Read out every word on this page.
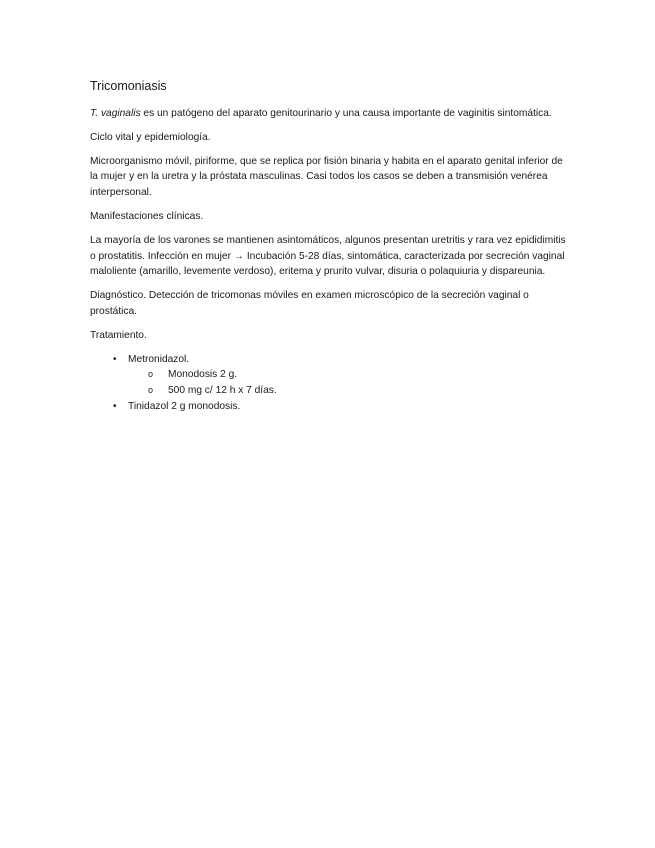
Tricomoniasis

T. vaginalis es un patógeno del aparato genitourinario y una causa importante de vaginitis sintomática.

Ciclo vital y epidemiología.

Microorganismo móvil, piriforme, que se replica por fisión binaria y habita en el aparato genital inferior de la mujer y en la uretra y la próstata masculinas. Casi todos los casos se deben a transmisión venérea interpersonal.

Manifestaciones clínicas.

La mayoría de los varones se mantienen asintomáticos, algunos presentan uretritis y rara vez epididimitis o prostatitis. Infección en mujer → Incubación 5-28 días, sintomática, caracterizada por secreción vaginal maloliente (amarillo, levemente verdoso), eritema y prurito vulvar, disuria o polaquiuria y dispareunia.

Diagnóstico. Detección de tricomonas móviles en examen microscópico de la secreción vaginal o prostática.

Tratamiento.

• Metronidazol.
o Monodosis 2 g.
o 500 mg c/ 12 h x 7 días.
• Tinidazol 2 g monodosis.
